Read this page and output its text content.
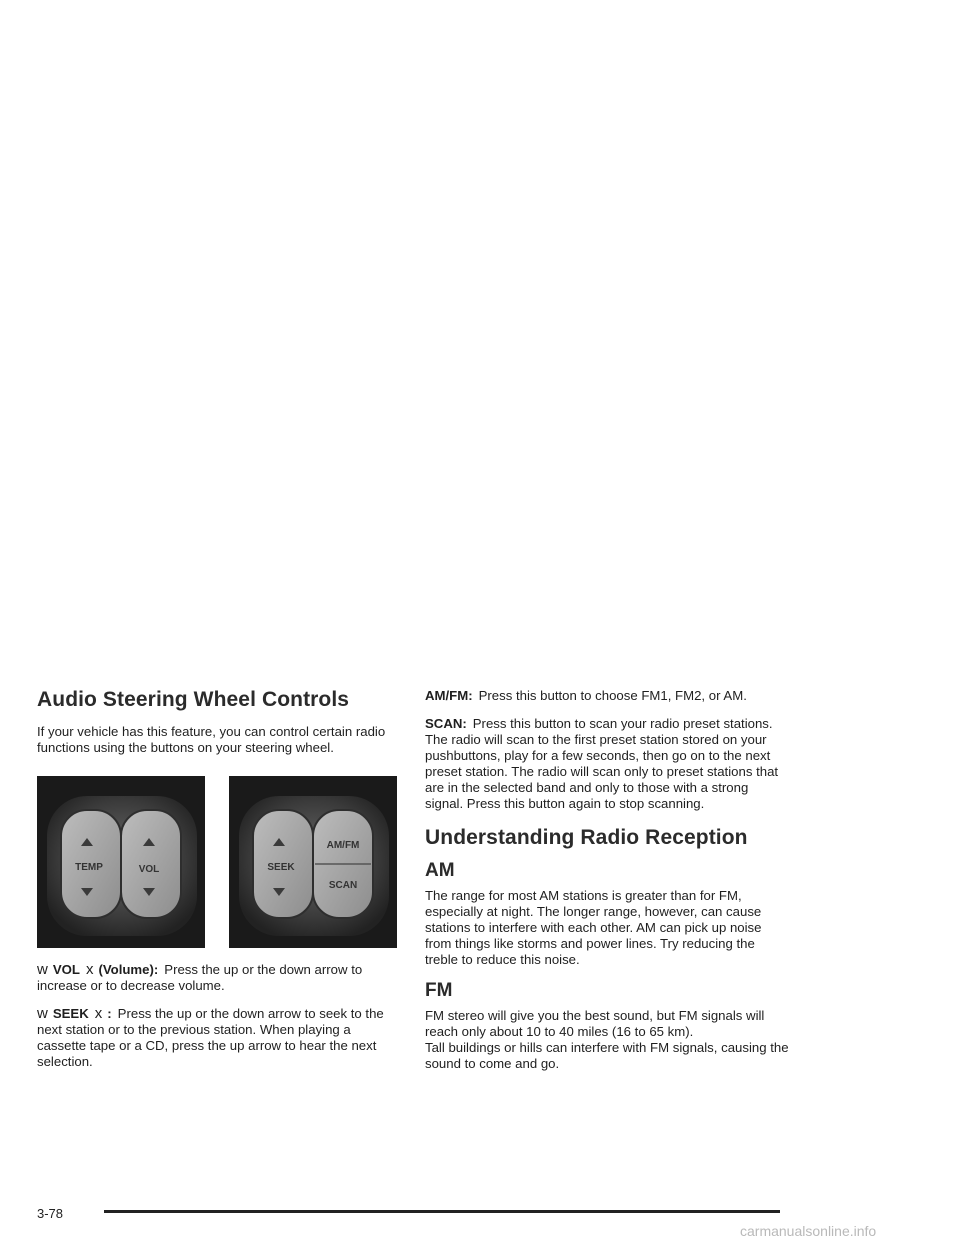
Audio Steering Wheel Controls

If your vehicle has this feature, you can control certain radio functions using the buttons on your steering wheel.

TEMP	VOL	SEEK
AM/FM
SCAN

w VOL x (Volume): Press the up or the down arrow to increase or to decrease volume.

w SEEK x : Press the up or the down arrow to seek to the next station or to the previous station. When playing a cassette tape or a CD, press the up arrow to hear the next selection.

AM/FM: Press this button to choose FM1, FM2, or AM.

SCAN: Press this button to scan your radio preset stations. The radio will scan to the first preset station stored on your pushbuttons, play for a few seconds, then go on to the next preset station. The radio will scan only to preset stations that are in the selected band and only to those with a strong signal. Press this button again to stop scanning.

Understanding Radio Reception
AM

The range for most AM stations is greater than for FM, especially at night. The longer range, however, can cause stations to interfere with each other. AM can pick up noise from things like storms and power lines. Try reducing the treble to reduce this noise.

FM

FM stereo will give you the best sound, but FM signals will reach only about 10 to 40 miles (16 to 65 km).
Tall buildings or hills can interfere with FM signals, causing the sound to come and go.

3-78
carmanualsonline.info
